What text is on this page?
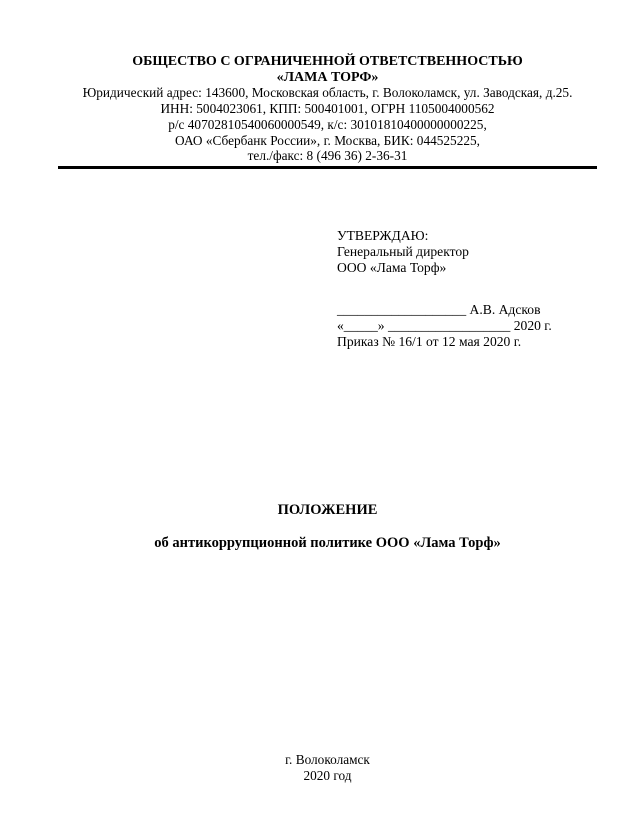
ОБЩЕСТВО С ОГРАНИЧЕННОЙ ОТВЕТСТВЕННОСТЬЮ
«ЛАМА ТОРФ»
Юридический адрес: 143600, Московская область, г. Волоколамск, ул. Заводская, д.25.
ИНН: 5004023061, КПП: 500401001, ОГРН 1105004000562
р/с 40702810540060000549, к/с: 30101810400000000225,
ОАО «Сбербанк России», г. Москва, БИК: 044525225,
тел./факс: 8 (496 36) 2-36-31
УТВЕРЖДАЮ:
Генеральный директор
ООО «Лама Торф»
___________________ А.В. Адсков
«_____» __________________ 2020 г.
Приказ № 16/1 от 12 мая 2020 г.
ПОЛОЖЕНИЕ
об антикоррупционной политике ООО «Лама Торф»
г. Волоколамск
2020 год
